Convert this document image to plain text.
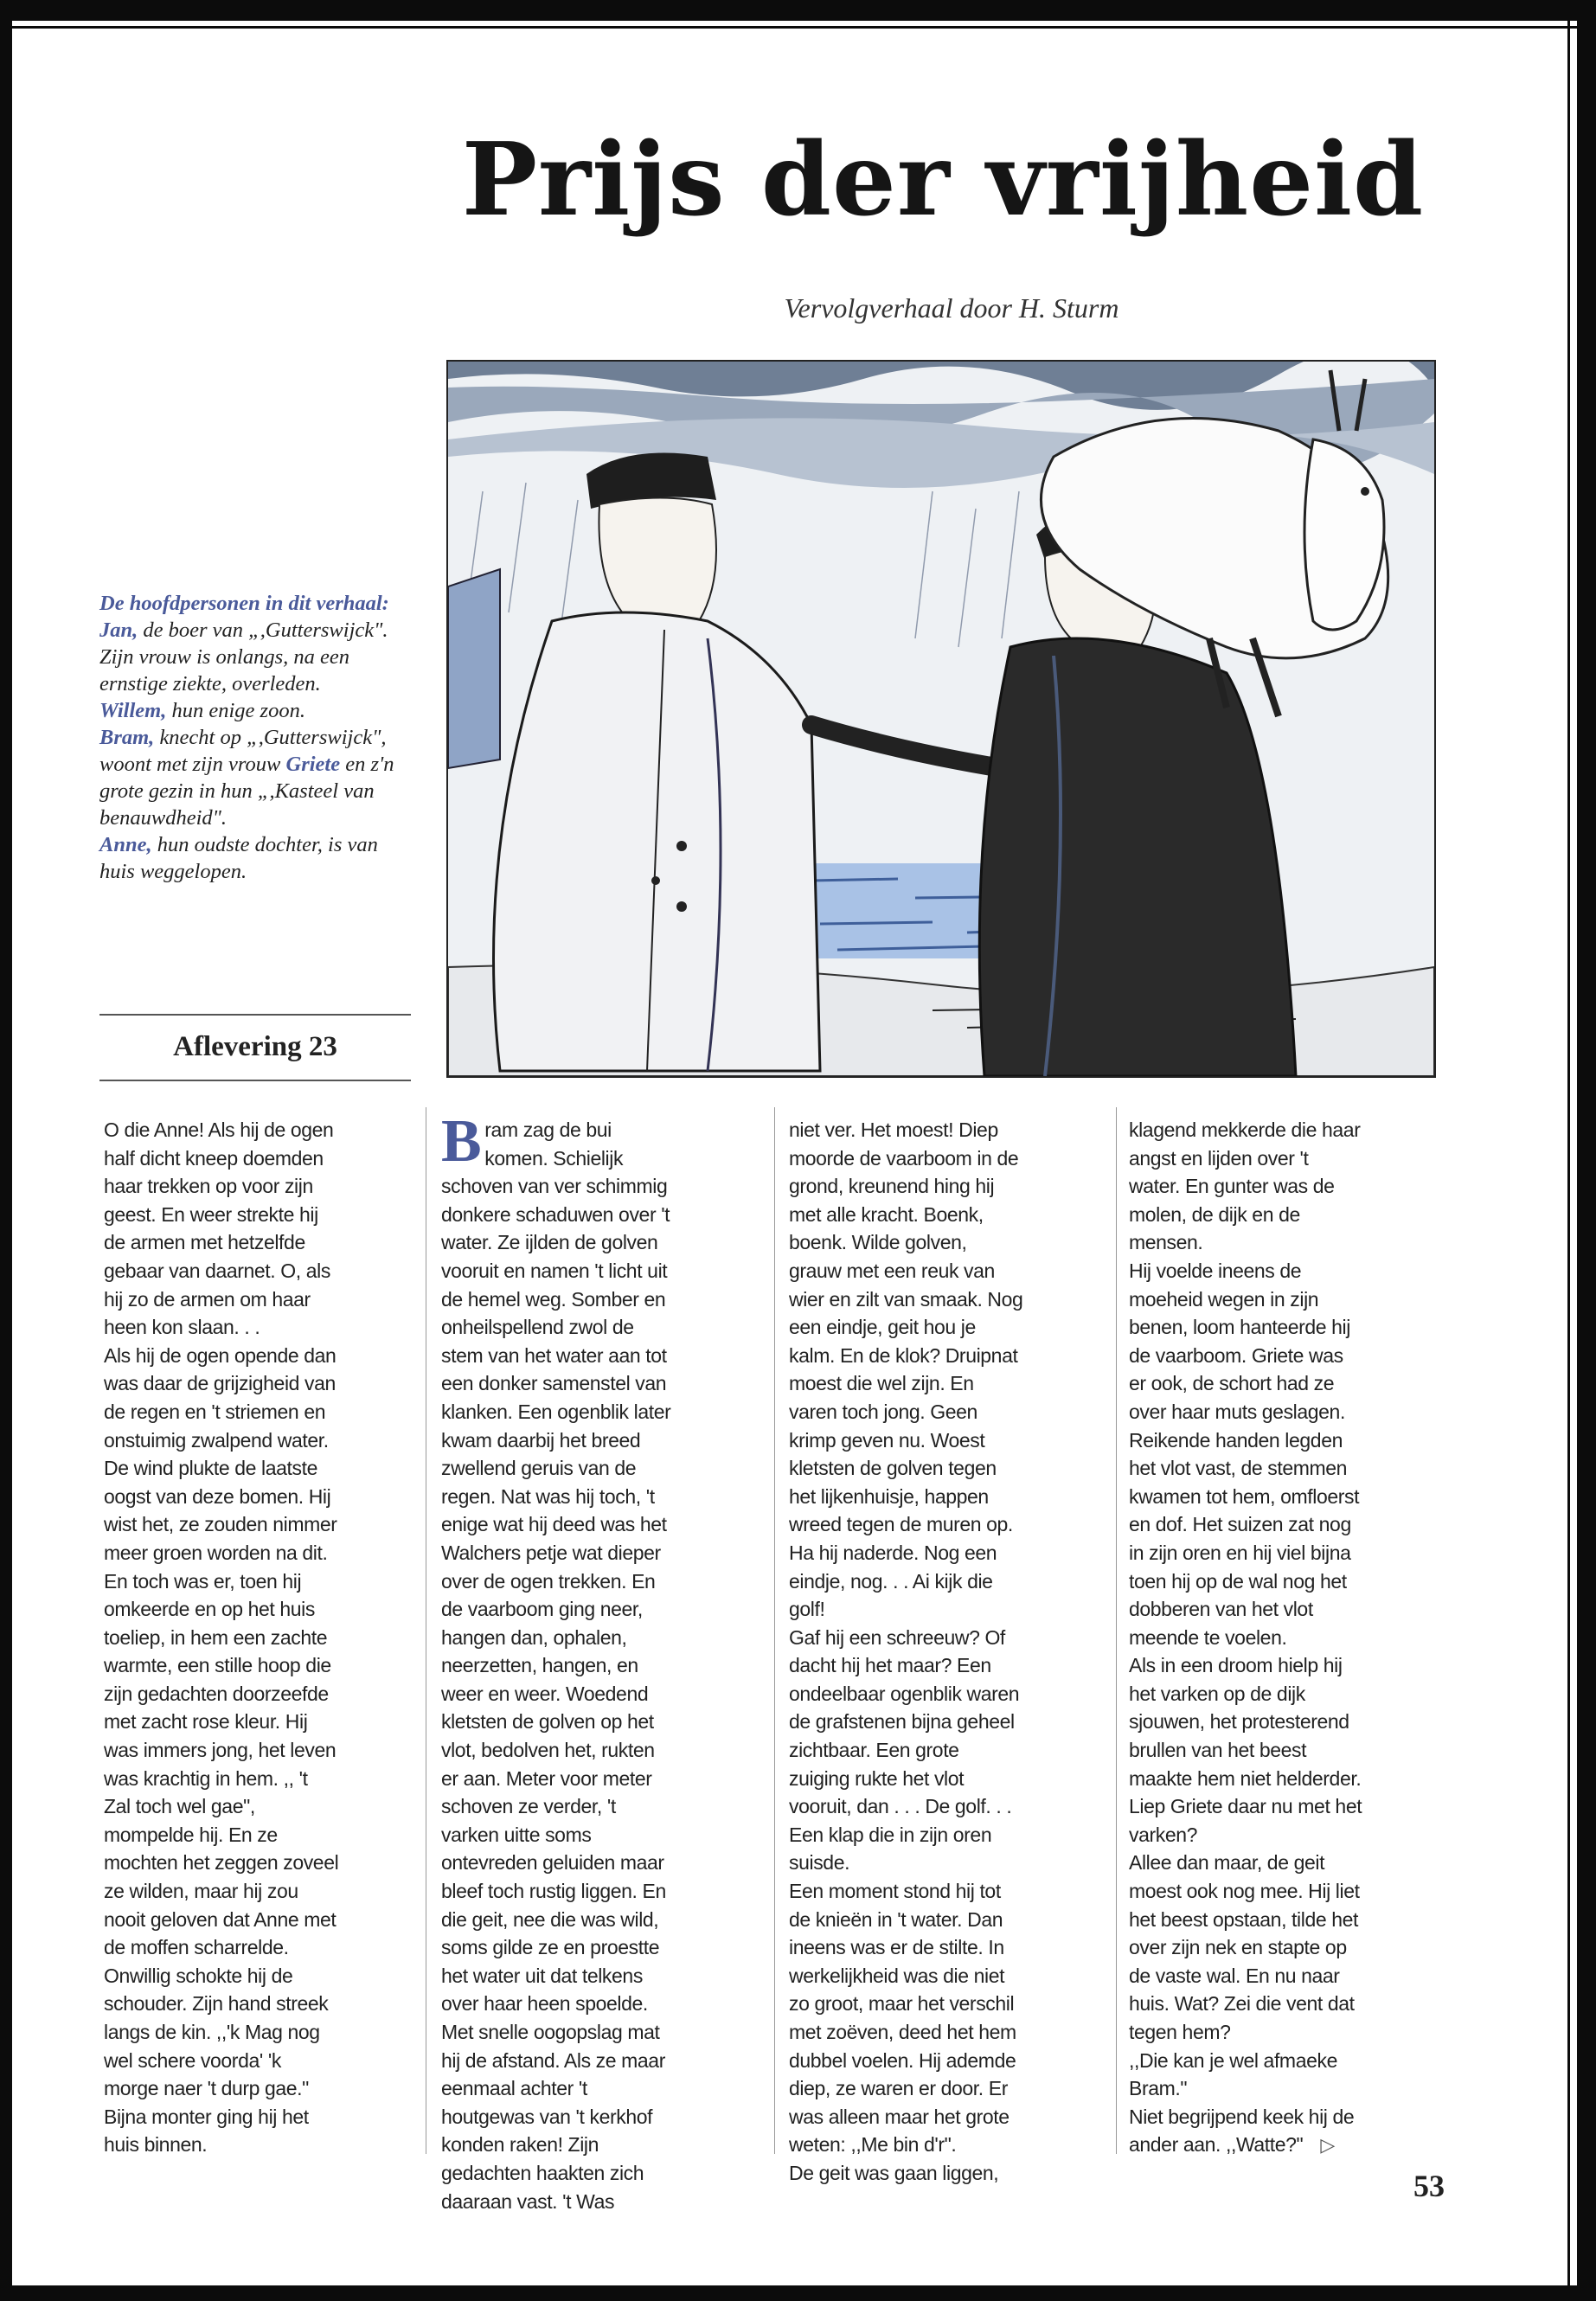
Prijs der vrijheid
Vervolgverhaal door H. Sturm

De hoofdpersonen in dit verhaal:

Jan, de boer van „,Gutterswijck". Zijn vrouw is onlangs, na een ernstige ziekte, overleden.

Willem, hun enige zoon.

Bram, knecht op „,Gutterswijck", woont met zijn vrouw Griete en z'n grote gezin in hun „,Kasteel van benauwdheid".

Anne, hun oudste dochter, is van huis weggelopen.

Aflevering 23

O die Anne! Als hij de ogen half dicht kneep doemden haar trekken op voor zijn geest. En weer strekte hij de armen met hetzelfde gebaar van daarnet. O, als hij zo de armen om haar heen kon slaan. . .

Als hij de ogen opende dan was daar de grijzigheid van de regen en 't striemen en onstuimig zwalpend water. De wind plukte de laatste oogst van deze bomen. Hij wist het, ze zouden nimmer meer groen worden na dit. En toch was er, toen hij omkeerde en op het huis toeliep, in hem een zachte warmte, een stille hoop die zijn gedachten doorzeefde met zacht rose kleur. Hij was immers jong, het leven was krachtig in hem. ,, 't Zal toch wel gae", mompelde hij. En ze mochten het zeggen zoveel ze wilden, maar hij zou nooit geloven dat Anne met de moffen scharrelde. Onwillig schokte hij de schouder. Zijn hand streek langs de kin. ,,'k Mag nog wel schere voorda' 'k morge naer 't durp gae." Bijna monter ging hij het huis binnen.

Bram zag de bui komen. Schielijk schoven van ver schimmig donkere schaduwen over 't water. Ze ijlden de golven vooruit en namen 't licht uit de hemel weg. Somber en onheilspellend zwol de stem van het water aan tot een donker samenstel van klanken. Een ogenblik later kwam daarbij het breed zwellend geruis van de regen. Nat was hij toch, 't enige wat hij deed was het Walchers petje wat dieper over de ogen trekken. En de vaarboom ging neer, hangen dan, ophalen, neerzetten, hangen, en weer en weer. Woedend kletsten de golven op het vlot, bedolven het, rukten er aan. Meter voor meter schoven ze verder, 't varken uitte soms ontevreden geluiden maar bleef toch rustig liggen. En die geit, nee die was wild, soms gilde ze en proestte het water uit dat telkens over haar heen spoelde. Met snelle oogopslag mat hij de afstand. Als ze maar eenmaal achter 't houtgewas van 't kerkhof konden raken! Zijn gedachten haakten zich daaraan vast. 't Was

niet ver. Het moest! Diep moorde de vaarboom in de grond, kreunend hing hij met alle kracht. Boenk, boenk. Wilde golven, grauw met een reuk van wier en zilt van smaak. Nog een eindje, geit hou je kalm. En de klok? Druipnat moest die wel zijn. En varen toch jong. Geen krimp geven nu. Woest kletsten de golven tegen het lijkenhuisje, happen wreed tegen de muren op. Ha hij naderde. Nog een eindje, nog. . . Ai kijk die golf!

Gaf hij een schreeuw? Of dacht hij het maar? Een ondeelbaar ogenblik waren de grafstenen bijna geheel zichtbaar. Een grote zuiging rukte het vlot vooruit, dan . . . De golf. . . Een klap die in zijn oren suisde.

Een moment stond hij tot de knieën in 't water. Dan ineens was er de stilte. In werkelijkheid was die niet zo groot, maar het verschil met zoëven, deed het hem dubbel voelen. Hij ademde diep, ze waren er door. Er was alleen maar het grote weten: ,,Me bin d'r".

De geit was gaan liggen,

klagend mekkerde die haar angst en lijden over 't water. En gunter was de molen, de dijk en de mensen.

Hij voelde ineens de moeheid wegen in zijn benen, loom hanteerde hij de vaarboom. Griete was er ook, de schort had ze over haar muts geslagen.

Reikende handen legden het vlot vast, de stemmen kwamen tot hem, omfloerst en dof. Het suizen zat nog in zijn oren en hij viel bijna toen hij op de wal nog het dobberen van het vlot meende te voelen.

Als in een droom hielp hij het varken op de dijk sjouwen, het protesterend brullen van het beest maakte hem niet helderder.

Liep Griete daar nu met het varken?

Allee dan maar, de geit moest ook nog mee. Hij liet het beest opstaan, tilde het over zijn nek en stapte op de vaste wal. En nu naar huis. Wat? Zei die vent dat tegen hem?

,,Die kan je wel afmaeke Bram."

Niet begrijpend keek hij de ander aan. ,,Watte?" ▷

53
